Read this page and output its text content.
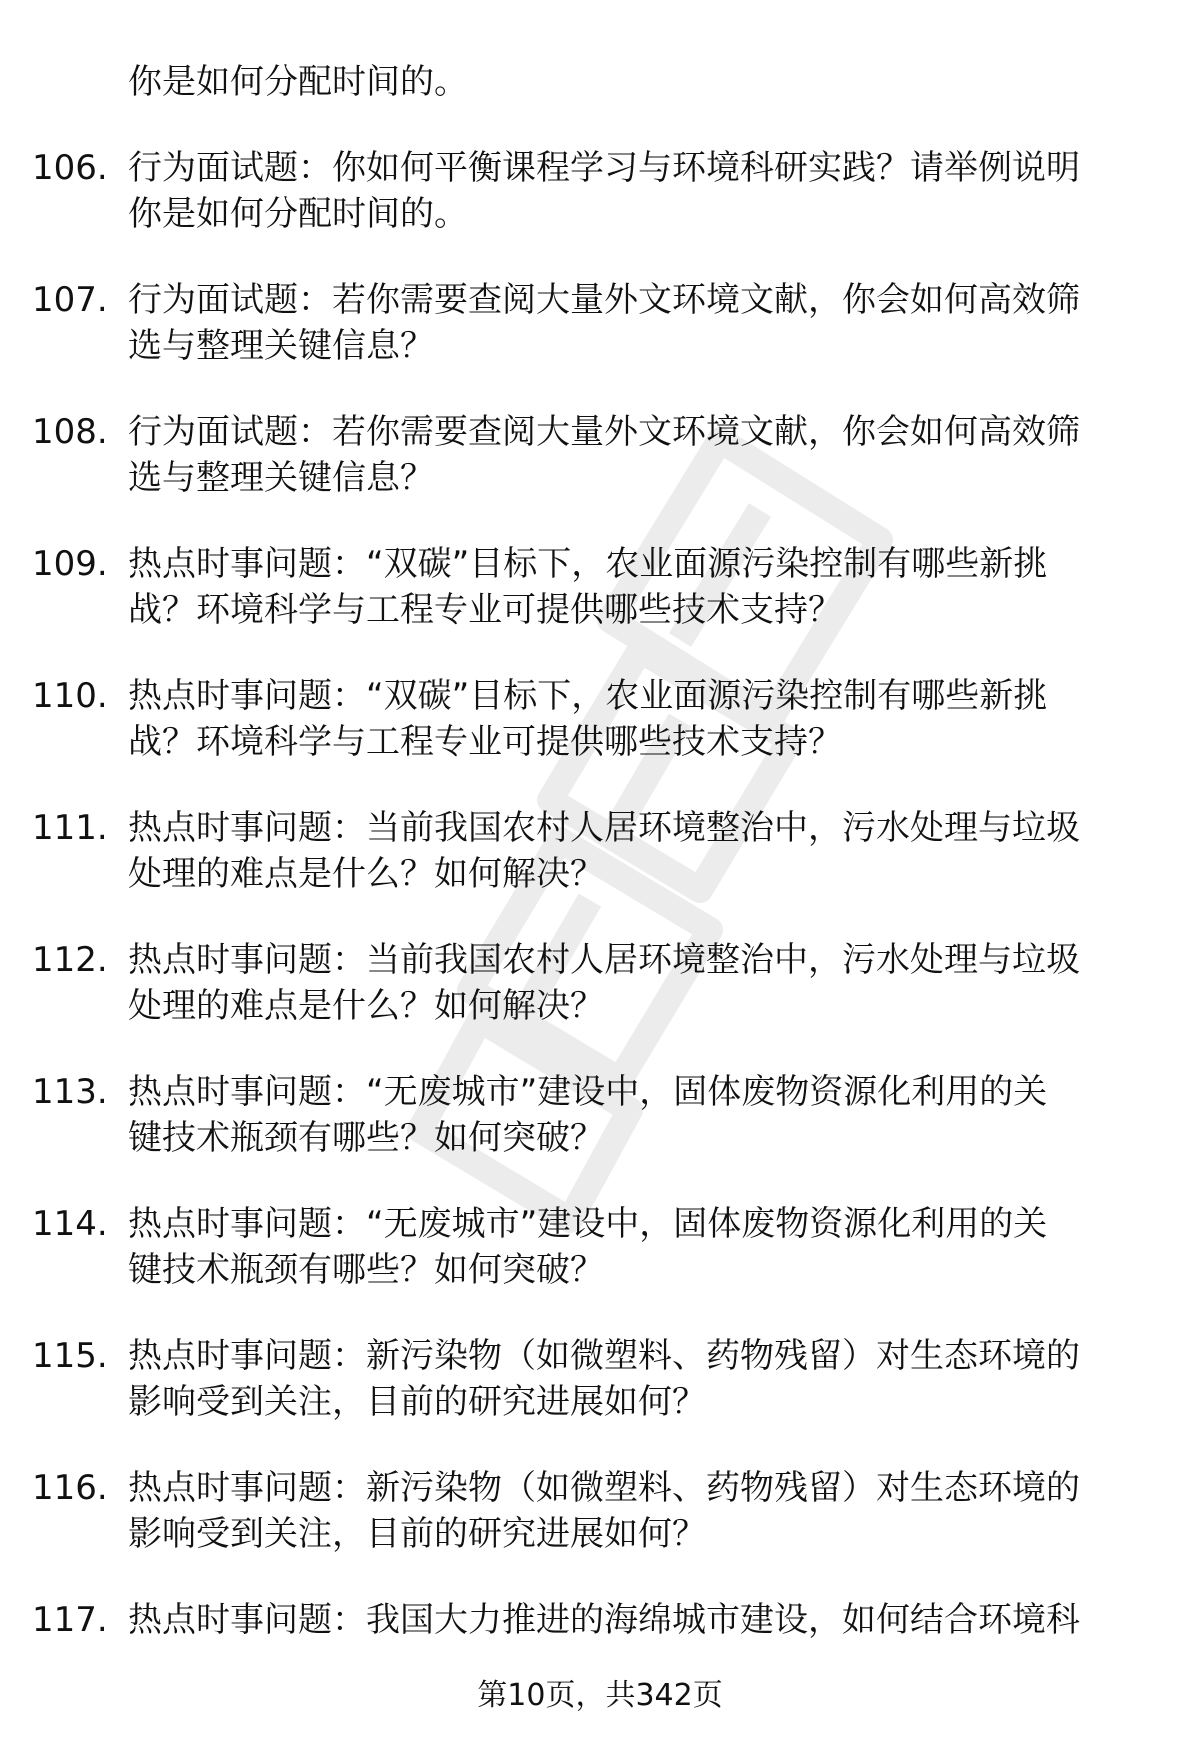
你是如何分配时间的。
106. 行为面试题：你如何平衡课程学习与环境科研实践？请举例说明
你是如何分配时间的。
107. 行为面试题：若你需要查阅大量外文环境文献，你会如何高效筛
选与整理关键信息？
108. 行为面试题：若你需要查阅大量外文环境文献，你会如何高效筛
选与整理关键信息？
109. 热点时事问题：“双碳”目标下，农业面源污染控制有哪些新挑
战？环境科学与工程专业可提供哪些技术支持？
110. 热点时事问题：“双碳”目标下，农业面源污染控制有哪些新挑
战？环境科学与工程专业可提供哪些技术支持？
111. 热点时事问题：当前我国农村人居环境整治中，污水处理与垃圾
处理的难点是什么？如何解决？
112. 热点时事问题：当前我国农村人居环境整治中，污水处理与垃圾
处理的难点是什么？如何解决？
113. 热点时事问题：“无废城市”建设中，固体废物资源化利用的关
键技术瓶颈有哪些？如何突破？
114. 热点时事问题：“无废城市”建设中，固体废物资源化利用的关
键技术瓶颈有哪些？如何突破？
115. 热点时事问题：新污染物（如微塑料、药物残留）对生态环境的
影响受到关注，目前的研究进展如何？
116. 热点时事问题：新污染物（如微塑料、药物残留）对生态环境的
影响受到关注，目前的研究进展如何？
117. 热点时事问题：我国大力推进的海绵城市建设，如何结合环境科
第10页，共342页
